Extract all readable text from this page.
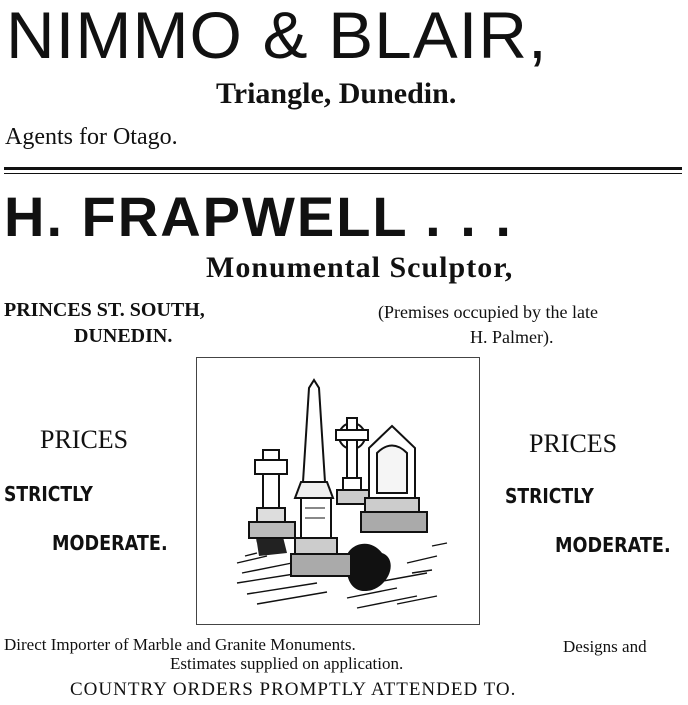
NIMMO & BLAIR,
Triangle, Dunedin.
Agents for Otago.
H. FRAPWELL . . .
Monumental Sculptor,
PRINCES ST. SOUTH,
DUNEDIN.
(Premises occupied by the late
H. Palmer).
PRICES
STRICTLY
MODERATE.
PRICES
STRICTLY
MODERATE.
Direct Importer of Marble and Granite Monuments.	Designs and
Estimates supplied on application.
COUNTRY ORDERS PROMPTLY ATTENDED TO.
